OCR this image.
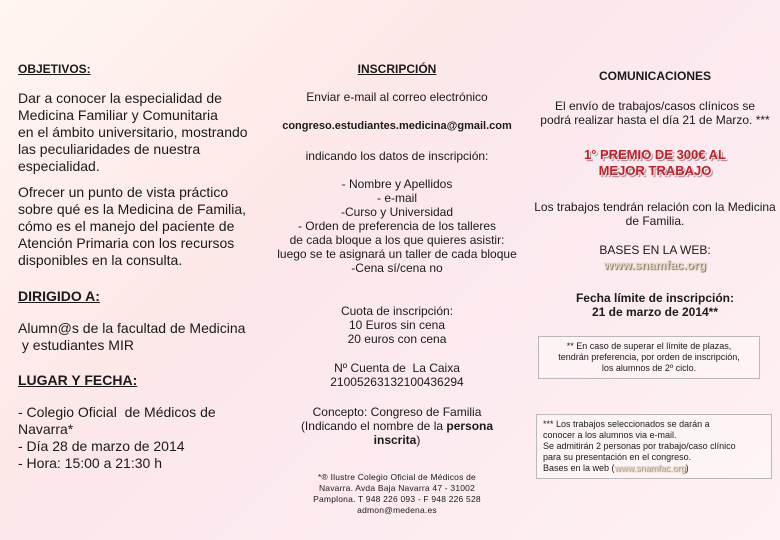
OBJETIVOS:
Dar a conocer la especialidad de
Medicina Familiar y Comunitaria
en el ámbito universitario, mostrando
las peculiaridades de nuestra
especialidad.
Ofrecer un punto de vista práctico
sobre qué es la Medicina de Familia,
cómo es el manejo del paciente de
Atención Primaria con los recursos
disponibles en la consulta.
DIRIGIDO A:
Alumn@s de la facultad de Medicina
y estudiantes MIR
LUGAR Y FECHA:
- Colegio Oficial  de Médicos de
Navarra*
- Día 28 de marzo de 2014
- Hora: 15:00 a 21:30 h
INSCRIPCIÓN
Enviar e-mail al correo electrónico
congreso.estudiantes.medicina@gmail.com
indicando los datos de inscripción:
- Nombre y Apellidos
- e-mail
-Curso y Universidad
- Orden de preferencia de los talleres
de cada bloque a los que quieres asistir:
luego se te asignará un taller de cada bloque
-Cena sí/cena no
Cuota de inscripción:
10 Euros sin cena
20 euros con cena
Nº Cuenta de  La Caixa
21005263132100436294
Concepto: Congreso de Familia
(Indicando el nombre de la persona
inscrita)
*® Ilustre Colegio Oficial de Médicos de
Navarra. Avda Baja Navarra 47 - 31002
Pamplona. T 948 226 093 - F 948 226 528
admon@medena.es
COMUNICACIONES
El envío de trabajos/casos clínicos se
podrá realizar hasta el día 21 de Marzo. ***
1° PREMIO DE 300€ AL
MEJOR TRABAJO
Los trabajos tendrán relación con la Medicina
de Familia.
BASES EN LA WEB:
www.snamfac.org
Fecha límite de inscripción:
21 de marzo de 2014**
** En caso de superar el límite de plazas,
tendrán preferencia, por orden de inscripción,
los alumnos de 2º ciclo.
*** Los trabajos seleccionados se darán a
conocer a los alumnos via e-mail.
Se admitirán 2 personas por trabajo/caso clínico
para su presentación en el congreso.
Bases en la web (www.snamfac.org)
